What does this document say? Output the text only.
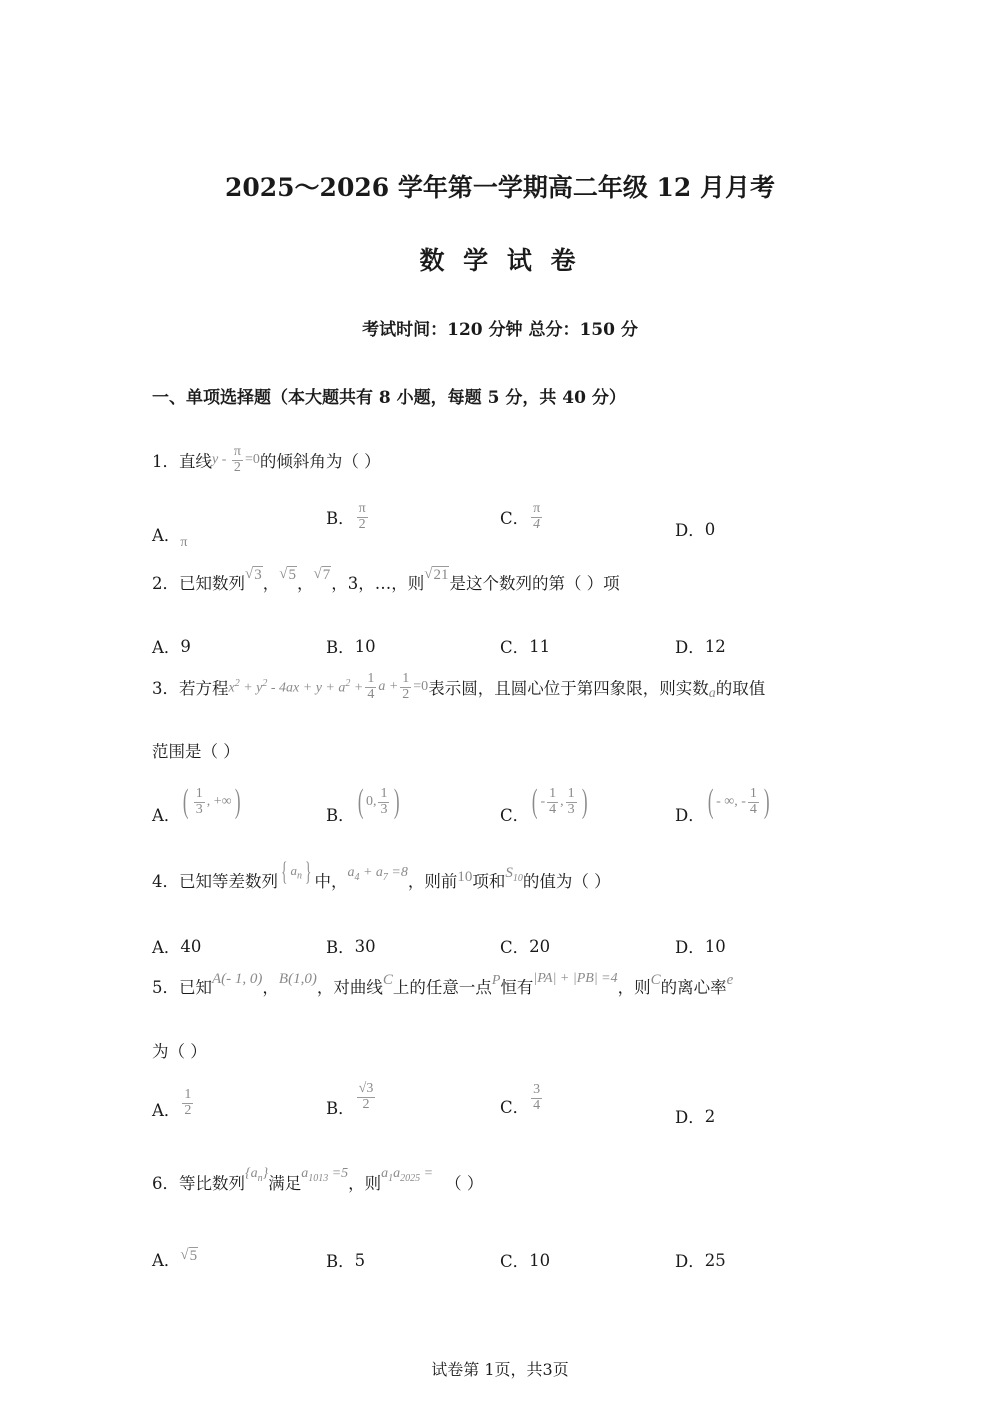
2025～2026 学年第一学期高二年级 12 月月考
数 学 试 卷
考试时间：120 分钟 总分：150 分
一、单项选择题（本大题共有 8 小题，每题 5 分，共 40 分）
1． 直线 $y - \frac{\pi}{2} =0$ 的倾斜角为（ ）
A． π
B． $\frac{\pi}{2}$	C． $\frac{\pi}{4}$	D． 0
2． 已知数列 √ 3 ， √ 5 ， √ 7 ，3，…，则 √ 21 是这个数列的第（ ）项
A． 9	B． 10	C． 11	D． 12
3． 若方程 $x^2 + y^2 - 4ax + y + a^2 + \frac{1}{4}$ $a + \frac{1}{2} =0$ 表示圆，且圆心位于第四象限，则实数 a 的取值
范围是（ ）
A． ( $\frac{1}{3}$ , +∞ )	B． ( 0, $\frac{1}{3}$ )	C． ( - $\frac{1}{4}$ , $\frac{1}{3}$ )	D． ( - ∞, - $\frac{1}{4}$ )
4． 已知等差数列 { $a_n$ } 中， $a_4 + a_7 =8$ ，则前 10 项和 $S_{10}$ 的值为（ ）
A． 40	B． 30	C． 20	D． 10
5． 已知 A(- 1, 0) ， B(1,0) ，对曲线 C 上的任意一点 P 恒有 |PA| + |PB| =4 ，则 C 的离心率 e
为（ ）
A． $\frac{1}{2}$	B． $\frac{√3}{2}$	C． $\frac{3}{4}$
D． 2
6． 等比数列
$\{a_n\}$
满足
$a_{1013} =5$
，则
$a_1a_{2025}$ =
（ ）
A． √ 5	B． 5	C． 10	D． 25
试卷第 1页，共3页
